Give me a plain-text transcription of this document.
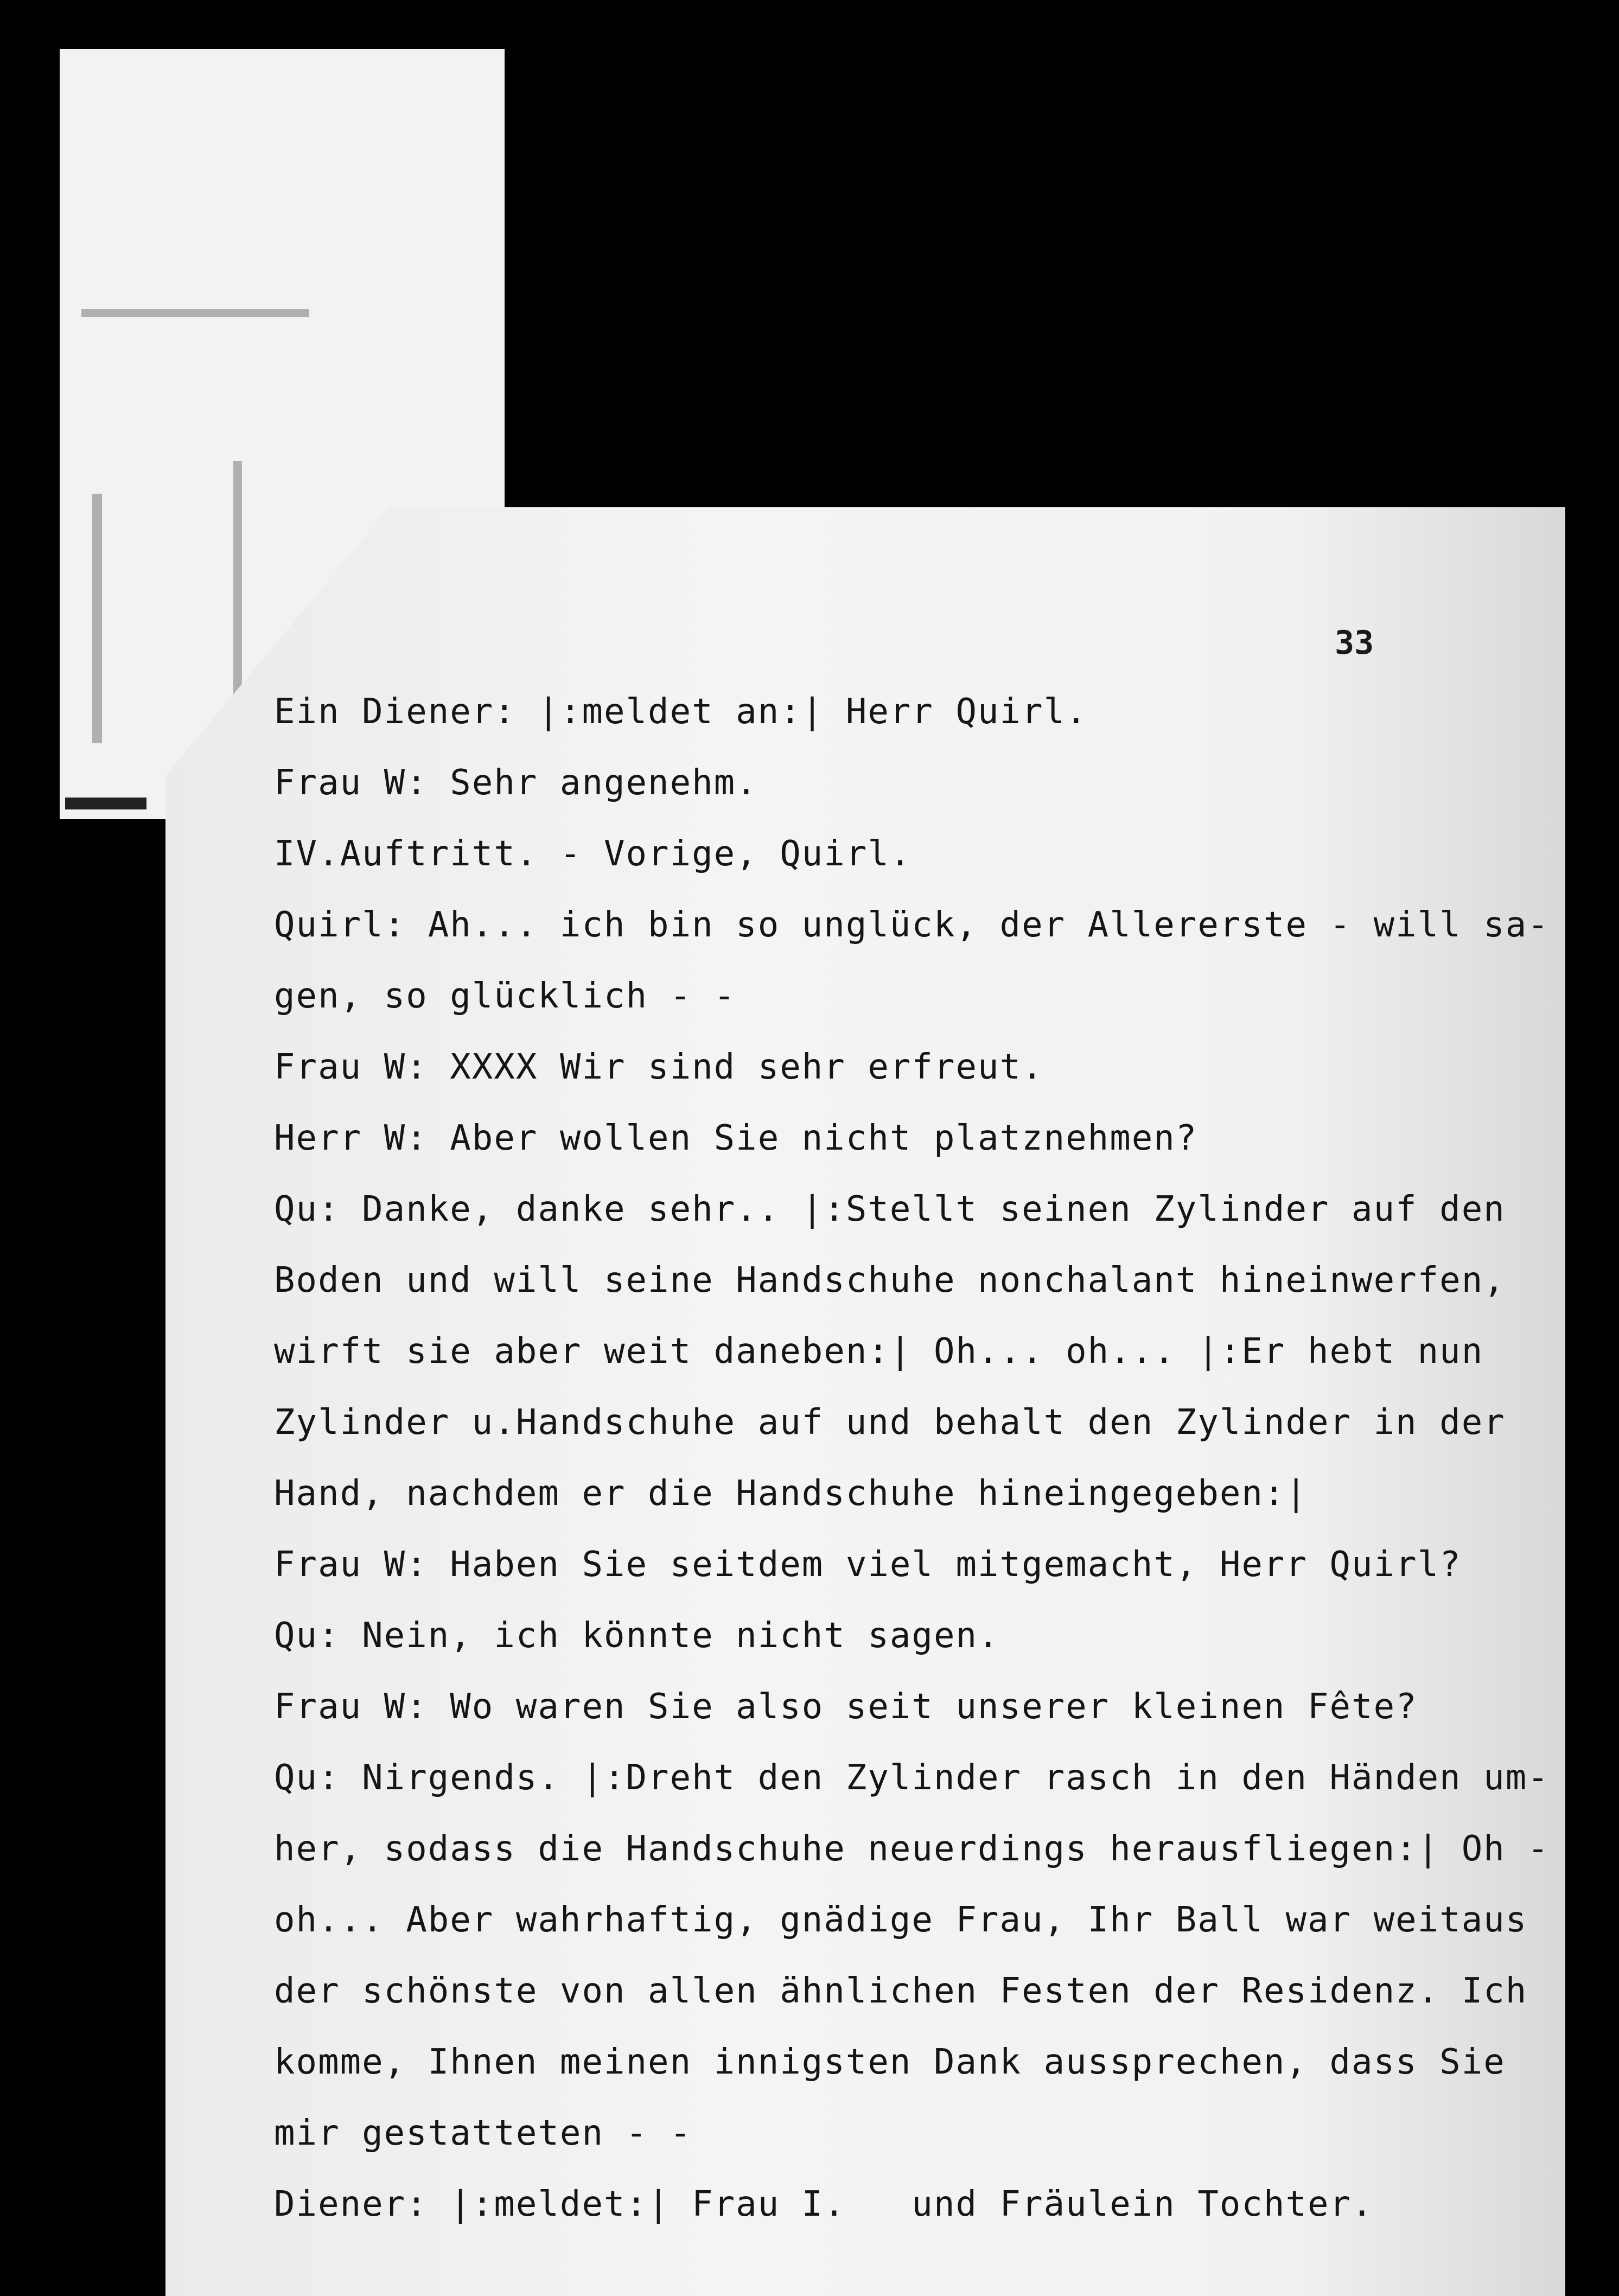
33

Ein Diener: |:meldet an:| Herr Quirl.

Frau W: Sehr angenehm.

IV.Auftritt. - Vorige, Quirl.

Quirl: Ah... ich bin so unglück, der Allererste - will sa-

gen, so glücklich - -

Frau W: XXXX Wir sind sehr erfreut.

Herr W: Aber wollen Sie nicht platznehmen?

Qu: Danke, danke sehr.. |:Stellt seinen Zylinder auf den

Boden und will seine Handschuhe nonchalant hineinwerfen,

wirft sie aber weit daneben:| Oh... oh... |:Er hebt nun

Zylinder u.Handschuhe auf und behalt den Zylinder in der

Hand, nachdem er die Handschuhe hineingegeben:|

Frau W: Haben Sie seitdem viel mitgemacht, Herr Quirl?

Qu: Nein, ich könnte nicht sagen.

Frau W: Wo waren Sie also seit unserer kleinen Fête?

Qu: Nirgends. |:Dreht den Zylinder rasch in den Händen um-

her, sodass die Handschuhe neuerdings herausfliegen:| Oh -

oh... Aber wahrhaftig, gnädige Frau, Ihr Ball war weitaus

der schönste von allen ähnlichen Festen der Residenz. Ich

komme, Ihnen meinen innigsten Dank aussprechen, dass Sie

mir gestatteten - -

Diener: |:meldet:| Frau I.   und Fräulein Tochter.
